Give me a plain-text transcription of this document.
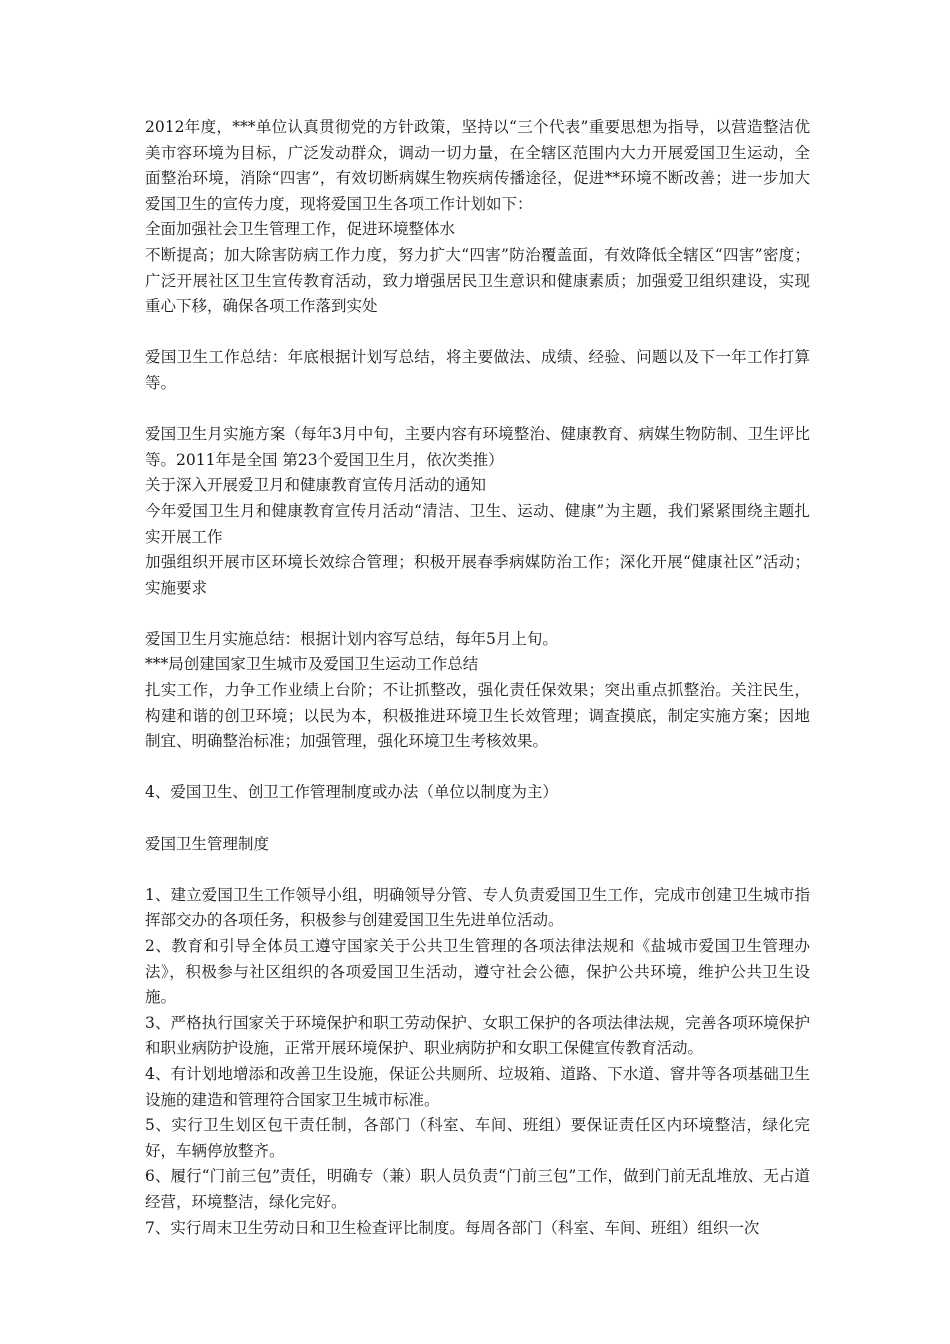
2012年度，***单位认真贯彻党的方针政策，坚持以“三个代表”重要思想为指导，以营造整洁优美市容环境为目标，广泛发动群众，调动一切力量，在全辖区范围内大力开展爱国卫生运动，全面整治环境，消除“四害”，有效切断病媒生物疾病传播途径，促进**环境不断改善；进一步加大爱国卫生的宣传力度，现将爱国卫生各项工作计划如下：
全面加强社会卫生管理工作，促进环境整体水
不断提高；加大除害防病工作力度，努力扩大“四害”防治覆盖面，有效降低全辖区“四害”密度；广泛开展社区卫生宣传教育活动，致力增强居民卫生意识和健康素质；加强爱卫组织建设，实现重心下移，确保各项工作落到实处
爱国卫生工作总结：年底根据计划写总结，将主要做法、成绩、经验、问题以及下一年工作打算等。
爱国卫生月实施方案（每年3月中旬，主要内容有环境整治、健康教育、病媒生物防制、卫生评比等。2011年是全国 第23个爱国卫生月，依次类推）
关于深入开展爱卫月和健康教育宣传月活动的通知
今年爱国卫生月和健康教育宣传月活动“清洁、卫生、运动、健康”为主题，我们紧紧围绕主题扎实开展工作
加强组织开展市区环境长效综合管理；积极开展春季病媒防治工作；深化开展“健康社区”活动；实施要求
爱国卫生月实施总结：根据计划内容写总结，每年5月上旬。
***局创建国家卫生城市及爱国卫生运动工作总结
扎实工作，力争工作业绩上台阶；不让抓整改，强化责任保效果；突出重点抓整治。关注民生，构建和谐的创卫环境；以民为本，积极推进环境卫生长效管理；调查摸底，制定实施方案；因地制宜、明确整治标准；加强管理，强化环境卫生考核效果。
4、爱国卫生、创卫工作管理制度或办法（单位以制度为主）
爱国卫生管理制度
1、建立爱国卫生工作领导小组，明确领导分管、专人负责爱国卫生工作，完成市创建卫生城市指挥部交办的各项任务，积极参与创建爱国卫生先进单位活动。
2、教育和引导全体员工遵守国家关于公共卫生管理的各项法律法规和《盐城市爱国卫生管理办法》，积极参与社区组织的各项爱国卫生活动，遵守社会公德，保护公共环境，维护公共卫生设施。
3、严格执行国家关于环境保护和职工劳动保护、女职工保护的各项法律法规，完善各项环境保护和职业病防护设施，正常开展环境保护、职业病防护和女职工保健宣传教育活动。
4、有计划地增添和改善卫生设施，保证公共厕所、垃圾箱、道路、下水道、窨井等各项基础卫生设施的建造和管理符合国家卫生城市标准。
5、实行卫生划区包干责任制，各部门（科室、车间、班组）要保证责任区内环境整洁，绿化完好，车辆停放整齐。
6、履行“门前三包”责任，明确专（兼）职人员负责“门前三包”工作，做到门前无乱堆放、无占道经营，环境整洁，绿化完好。
7、实行周末卫生劳动日和卫生检查评比制度。每周各部门（科室、车间、班组）组织一次
